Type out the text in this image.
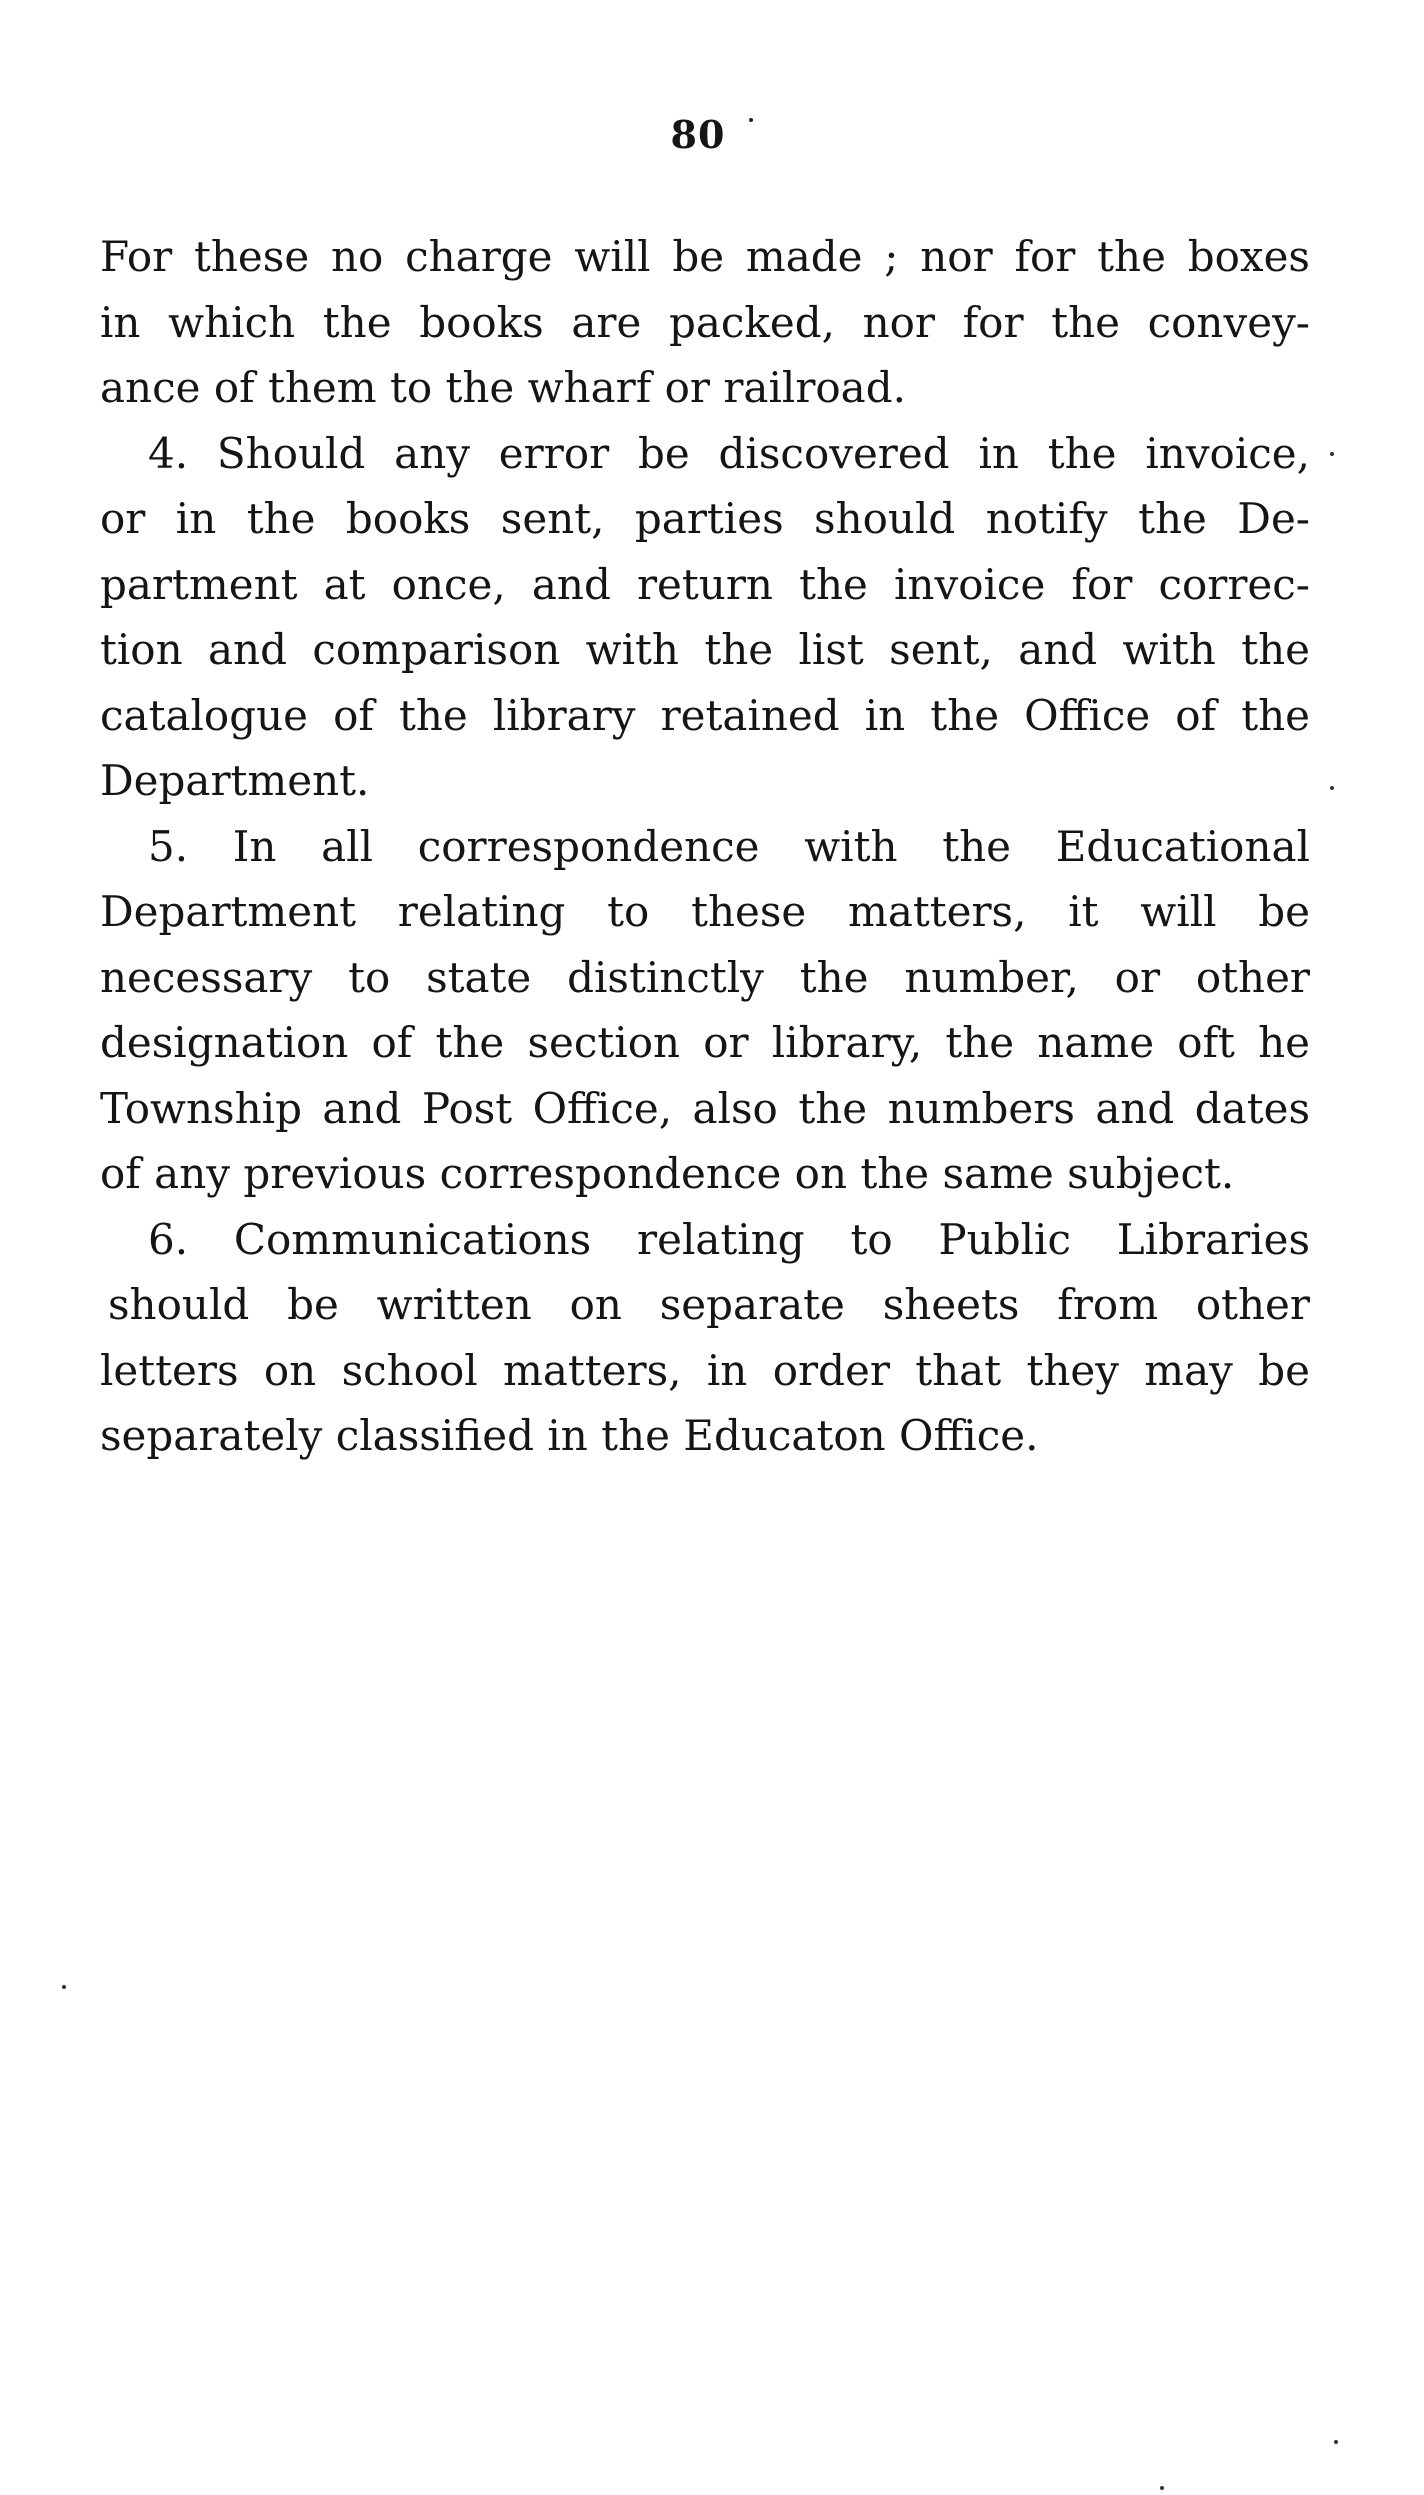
80
For these no charge will be made ; nor for the boxes
in which the books are packed, nor for the convey-
ance of them to the wharf or railroad.
4. Should any error be discovered in the invoice,
or in the books sent, parties should notify the De-
partment at once, and return the invoice for correc-
tion and comparison with the list sent, and with the
catalogue of the library retained in the Office of the
Department.
5. In all correspondence with the Educational
Department relating to these matters, it will be
necessary to state distinctly the number, or other
designation of the section or library, the name oft he
Township and Post Office, also the numbers and dates
of any previous correspondence on the same subject.
6. Communications relating to Public Libraries
should be written on separate sheets from other
letters on school matters, in order that they may be
separately classified in the Educaton Office.
